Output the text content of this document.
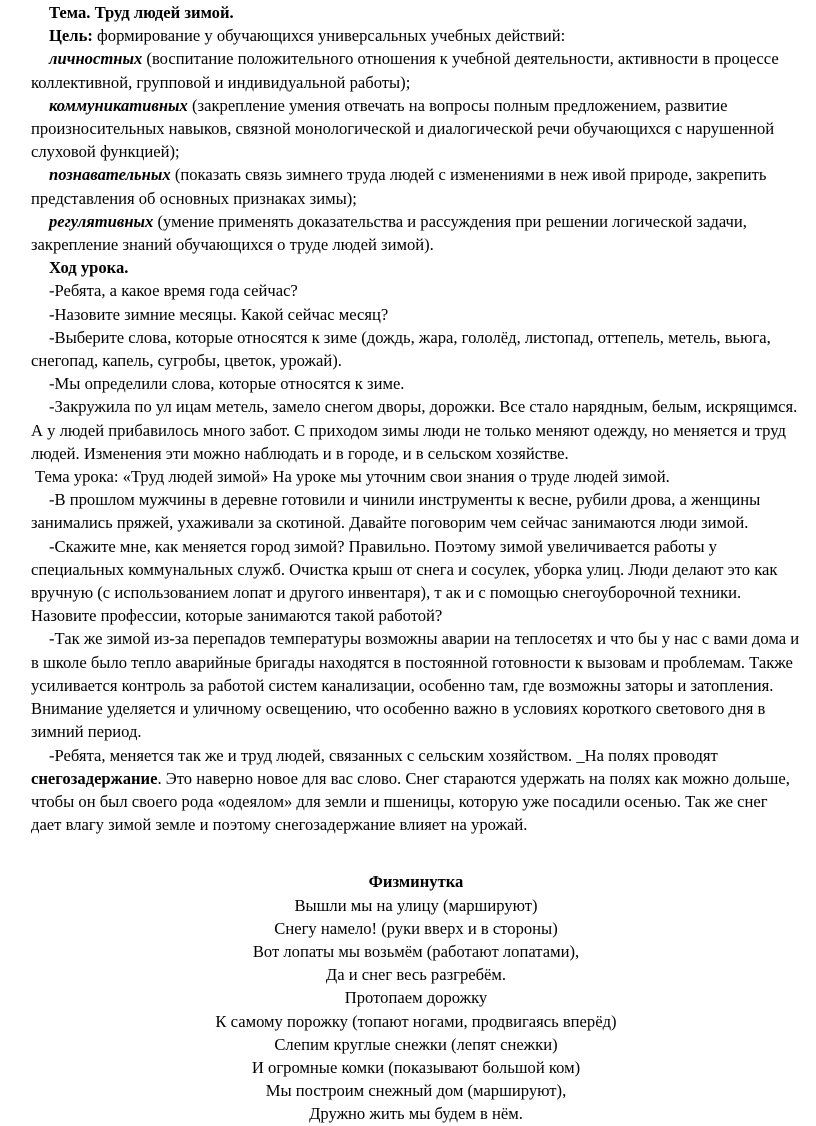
Тема. Труд людей зимой.

Цель: формирование у обучающихся универсальных учебных действий:

личностных (воспитание положительного отношения к учебной деятельности, активности в процессе коллективной, групповой и индивидуальной работы);

коммуникативных (закрепление умения отвечать на вопросы полным предложением, развитие произносительных навыков, связной монологической и диалогической речи обучающихся с нарушенной слуховой функцией);

познавательных (показать связь зимнего труда людей с изменениями в неж ивой природе, закрепить представления об основных признаках зимы);

регулятивных (умение применять доказательства и рассуждения при решении логической задачи, закрепление знаний обучающихся о труде людей зимой).

Ход урока.

-Ребята, а какое время года сейчас?

-Назовите зимние месяцы. Какой сейчас месяц?

-Выберите слова, которые относятся к зиме (дождь, жара, гололёд, листопад, оттепель, метель, вьюга, снегопад, капель, сугробы, цветок, урожай).

-Мы определили слова, которые относятся к зиме.

-Закружила по ул ицам метель, замело снегом дворы, дорожки. Все стало нарядным, белым, искрящимся. А у людей прибавилось много забот. С приходом зимы люди не только меняют одежду, но меняется и труд людей. Изменения эти можно наблюдать и в городе, и в сельском хозяйстве.

Тема урока: «Труд людей зимой» На уроке мы уточним свои знания о труде людей зимой.

-В прошлом мужчины в деревне готовили и чинили инструменты к весне, рубили дрова, а женщины занимались пряжей, ухаживали за скотиной. Давайте поговорим чем сейчас занимаются люди зимой.

-Скажите мне, как меняется город зимой? Правильно. Поэтому зимой увеличивается работы у специальных коммунальных служб. Очистка крыш от снега и сосулек, уборка улиц. Люди делают это как вручную (с использованием лопат и другого инвентаря), т ак и с помощью снегоуборочной техники. Назовите профессии, которые занимаются такой работой?

-Так же зимой из-за перепадов температуры возможны аварии на теплосетях и что бы у нас с вами дома и в школе было тепло аварийные бригады находятся в постоянной готовности к вызовам и проблемам. Также усиливается контроль за работой систем канализации, особенно там, где возможны заторы и затопления. Внимание уделяется и уличному освещению, что особенно важно в условиях короткого светового дня в зимний период.

-Ребята, меняется так же и труд людей, связанных с сельским хозяйством. _На полях проводят снегозадержание. Это наверно новое для вас слово. Снег стараются удержать на полях как можно дольше, чтобы он был своего рода «одеялом» для земли и пшеницы, которую уже посадили осенью. Так же снег дает влагу зимой земле и поэтому снегозадержание влияет на урожай.

Физминутка

Вышли мы на улицу (маршируют)

Снегу намело! (руки вверх и в стороны)

Вот лопаты мы возьмём (работают лопатами),

Да и снег весь разгребём.

Протопаем дорожку

К самому порожку (топают ногами, продвигаясь вперёд)

Слепим круглые снежки (лепят снежки)

И огромные комки (показывают большой ком)

Мы построим снежный дом (маршируют),

Дружно жить мы будем в нём.
